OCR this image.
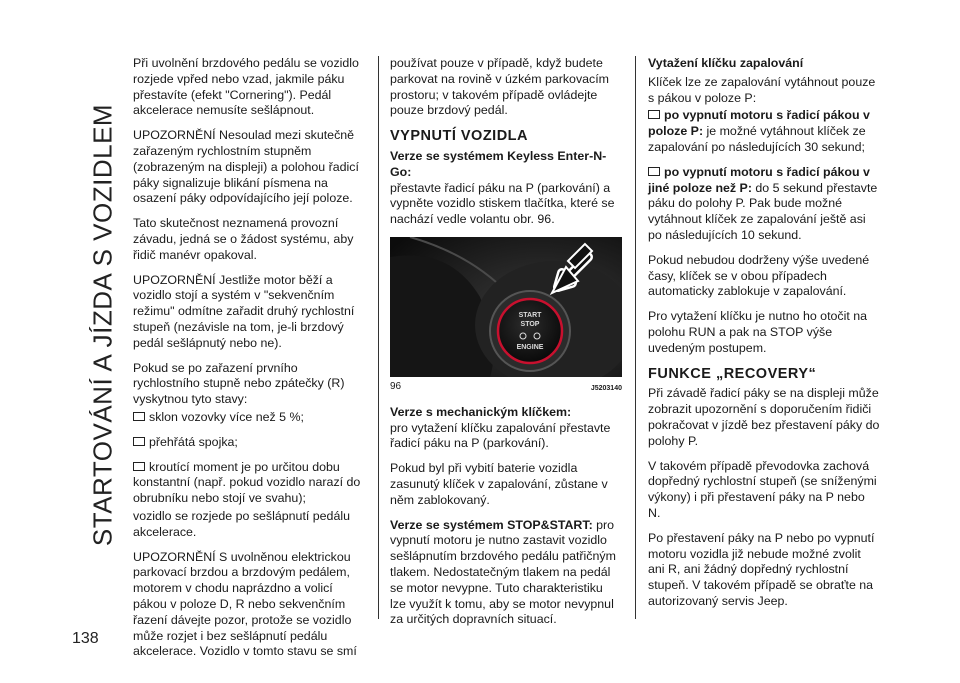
STARTOVÁNÍ A JÍZDA S VOZIDLEM
138

Při uvolnění brzdového pedálu se vozidlo rozjede vpřed nebo vzad, jakmile páku přestavíte (efekt "Cornering"). Pedál akcelerace nemusíte sešlápnout.

UPOZORNĚNÍ Nesoulad mezi skutečně zařazeným rychlostním stupněm (zobrazeným na displeji) a polohou řadicí páky signalizuje blikání písmena na osazení páky odpovídajícího její poloze.

Tato skutečnost neznamená provozní závadu, jedná se o žádost systému, aby řidič manévr opakoval.

UPOZORNĚNÍ Jestliže motor běží a vozidlo stojí a systém v "sekvenčním režimu" odmítne zařadit druhý rychlostní stupeň (nezávisle na tom, je-li brzdový pedál sešlápnutý nebo ne).

Pokud se po zařazení prvního rychlostního stupně nebo zpátečky (R) vyskytnou tyto stavy:

sklon vozovky více než 5 %;

přehřátá spojka;

kroutící moment je po určitou dobu konstantní (např. pokud vozidlo narazí do obrubníku nebo stojí ve svahu);

vozidlo se rozjede po sešlápnutí pedálu akcelerace.

UPOZORNĚNÍ S uvolněnou elektrickou parkovací brzdou a brzdovým pedálem, motorem v chodu naprázdno a volicí pákou v poloze D, R nebo sekvenčním řazení dávejte pozor, protože se vozidlo může rozjet i bez sešlápnutí pedálu akcelerace. Vozidlo v tomto stavu se smí

používat pouze v případě, když budete parkovat na rovině v úzkém parkovacím prostoru; v takovém případě ovládejte pouze brzdový pedál.

VYPNUTÍ VOZIDLA
Verze se systémem Keyless Enter-N-Go:

přestavte řadicí páku na P (parkování) a vypněte vozidlo stiskem tlačítka, které se nachází vedle volantu obr. 96.

START
STOP
ENGINE
96	J5203140
Verze s mechanickým klíčkem:

pro vytažení klíčku zapalování přestavte řadicí páku na P (parkování).

Pokud byl při vybití baterie vozidla zasunutý klíček v zapalování, zůstane v něm zablokovaný.

Verze se systémem STOP&START: pro vypnutí motoru je nutno zastavit vozidlo sešlápnutím brzdového pedálu patřičným tlakem. Nedostatečným tlakem na pedál se motor nevypne. Tuto charakteristiku lze využít k tomu, aby se motor nevypnul za určitých dopravních situací.

Vytažení klíčku zapalování

Klíček lze ze zapalování vytáhnout pouze s pákou v poloze P:

po vypnutí motoru s řadicí pákou v poloze P: je možné vytáhnout klíček ze zapalování po následujících 30 sekund;

po vypnutí motoru s řadicí pákou v jiné poloze než P: do 5 sekund přestavte páku do polohy P. Pak bude možné vytáhnout klíček ze zapalování ještě asi po následujících 10 sekund.

Pokud nebudou dodrženy výše uvedené časy, klíček se v obou případech automaticky zablokuje v zapalování.

Pro vytažení klíčku je nutno ho otočit na polohu RUN a pak na STOP výše uvedeným postupem.

FUNKCE „RECOVERY“

Při závadě řadicí páky se na displeji může zobrazit upozornění s doporučením řidiči pokračovat v jízdě bez přestavení páky do polohy P.

V takovém případě převodovka zachová dopředný rychlostní stupeň (se sníženými výkony) i při přestavení páky na P nebo N.

Po přestavení páky na P nebo po vypnutí motoru vozidla již nebude možné zvolit ani R, ani žádný dopředný rychlostní stupeň. V takovém případě se obraťte na autorizovaný servis Jeep.
